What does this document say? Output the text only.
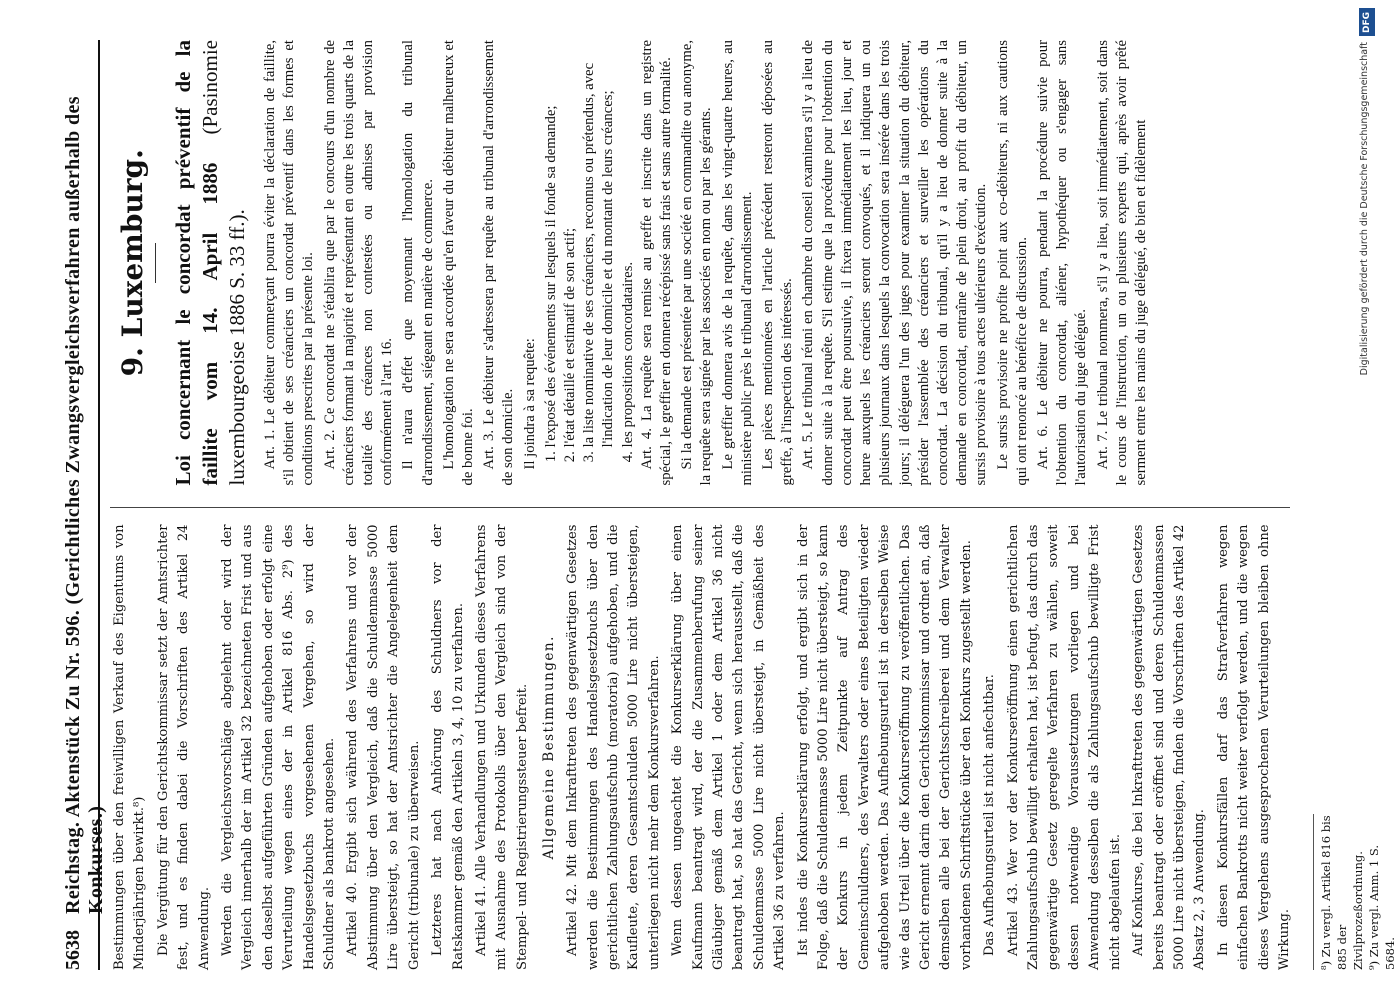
5638
Reichstag. Aktenstück Zu Nr. 596. (Gerichtliches Zwangsvergleichsverfahren außerhalb des Konkurses.) Bestimmungen über den freiwilligen Verkauf des Eigentums von Minderjährigen bewirkt.⁸) Die Vergütung für den Gerichtskommissar setzt der Amtsrichter fest, und es finden dabei die Vorschriften des Artikel 24 Anwendung. Werden die Vergleichsvorschläge abgelehnt oder wird der Vergleich innerhalb der im Artikel 32 bezeichneten Frist und aus den daselbst aufgeführten Gründen aufgehoben oder erfolgt eine Verurteilung wegen eines der in Artikel 816 Abs. 2⁹) des Handelsgesetzbuchs vorgesehenen Vergehen, so wird der Schuldner als bankrott angesehen. Artikel 40. Ergibt sich während des Verfahrens und vor der Abstimmung über den Vergleich, daß die Schuldenmasse 5000 Lire übersteigt, so hat der Amtsrichter die Angelegenheit dem Gericht (tribunale) zu überweisen. Letzteres hat nach Anhörung des Schuldners vor der Ratskammer gemäß den Artikeln 3, 4, 10 zu verfahren. Artikel 41. Alle Verhandlungen und Urkunden dieses Verfahrens mit Ausnahme des Protokolls über den Vergleich sind von der Stempel- und Registrierungssteuer befreit. Allgemeine Bestimmungen. Artikel 42. Mit dem Inkrafttreten des gegenwärtigen Gesetzes werden die Bestimmungen des Handelsgesetzbuchs über den gerichtlichen Zahlungsaufschub (moratoria) aufgehoben, und die Kaufleute, deren Gesamtschulden 5000 Lire nicht übersteigen, unterliegen nicht mehr dem Konkursverfahren. Wenn dessen ungeachtet die Konkurserklärung über einen Kaufmann beantragt wird, der die Zusammenberufung seiner Gläubiger gemäß dem Artikel 1 oder dem Artikel 36 nicht beantragt hat, so hat das Gericht, wenn sich herausstellt, daß die Schuldenmasse 5000 Lire nicht übersteigt, in Gemäßheit des Artikel 36 zu verfahren. Ist indes die Konkurserklärung erfolgt, und ergibt sich in der Folge, daß die Schuldenmasse 5000 Lire nicht übersteigt, so kann der Konkurs in jedem Zeitpunkte auf Antrag des Gemeinschuldners, des Verwalters oder eines Beteiligten wieder aufgehoben werden. Das Aufhebungsurteil ist in derselben Weise wie das Urteil über die Konkurseröffnung zu veröffentlichen. Das Gericht ernennt darin den Gerichtskommissar und ordnet an, daß demselben alle bei der Gerichtsschreiberei und dem Verwalter vorhandenen Schriftstücke über den Konkurs zugestellt werden. Das Aufhebungsurteil ist nicht anfechtbar. Artikel 43. Wer vor der Konkurseröffnung einen gerichtlichen Zahlungsaufschub bewilligt erhalten hat, ist befugt, das durch das gegenwärtige Gesetz geregelte Verfahren zu wählen, soweit dessen notwendige Voraussetzungen vorliegen und bei Anwendung desselben die als Zahlungsaufschub bewilligte Frist nicht abgelaufen ist. Auf Konkurse, die bei Inkrafttreten des gegenwärtigen Gesetzes bereits beantragt oder eröffnet sind und deren Schuldenmassen 5000 Lire nicht übersteigen, finden die Vorschriften des Artikel 42 Absatz 2, 3 Anwendung. In diesen Konkursfällen darf das Strafverfahren wegen einfachen Bankrotts nicht weiter verfolgt werden, und die wegen dieses Vergehens ausgesprochenen Verurteilungen bleiben ohne Wirkung. ⁸) Zu vergl. Artikel 816 bis 885 der Zivilprozeßordnung. ⁹) Zu vergl. Anm. 1 S. 5684.
9. Luxemburg. Loi concernant le concordat préventif de la faillite vom 14. April 1886 (Pasinomie luxembourgeoise 1886 S. 33 ff.). Art. 1. Le débiteur commerçant pourra éviter la déclaration de faillite, s'il obtient de ses créanciers un concordat préventif dans les formes et conditions prescrites par la présente loi. Art. 2. Ce concordat ne s'établira que par le concours d'un nombre de créanciers formant la majorité et représentant en outre les trois quarts de la totalité des créances non contestées ou admises par provision conformément à l'art. 16. Il n'aura d'effet que moyennant l'homologation du tribunal d'arrondissement, siégeant en matière de commerce. L'homologation ne sera accordée qu'en faveur du débiteur malheureux et de bonne foi. Art. 3. Le débiteur s'adressera par requête au tribunal d'arrondissement de son domicile. Il joindra à sa requête: 1. l'exposé des événements sur lesquels il fonde sa demande; 2. l'état détaillé et estimatif de son actif; 3. la liste nominative de ses créanciers, reconnus ou prétendus, avec l'indication de leur domicile et du montant de leurs créances; 4. les propositions concordataires. Art. 4. La requête sera remise au greffe et inscrite dans un registre spécial, le greffier en donnera récépissé sans frais et sans autre formalité. Si la demande est présentée par une société en commandite ou anonyme, la requête sera signée par les associés en nom ou par les gérants. Le greffier donnera avis de la requête, dans les vingt-quatre heures, au ministère public près le tribunal d'arrondissement. Les pièces mentionnées en l'article précédent resteront déposées au greffe, à l'inspection des intéressés. Art. 5. Le tribunal réuni en chambre du conseil examinera s'il y a lieu de donner suite à la requête. S'il estime que la procédure pour l'obtention du concordat peut être poursuivie, il fixera immédiatement les lieu, jour et heure auxquels les créanciers seront convoqués, et il indiquera un ou plusieurs journaux dans lesquels la convocation sera insérée dans les trois jours; il déléguera l'un des juges pour examiner la situation du débiteur, présider l'assemblée des créanciers et surveiller les opérations du concordat. La décision du tribunal, qu'il y a lieu de donner suite à la demande en concordat, entraîne de plein droit, au profit du débiteur, un sursis provisoire à tous actes ultérieurs d'exécution. Le sursis provisoire ne profite point aux co-débiteurs, ni aux cautions qui ont renoncé au bénéfice de discussion. Art. 6. Le débiteur ne pourra, pendant la procédure suivie pour l'obtention du concordat, aliéner, hypothéquer ou s'engager sans l'autorisation du juge délégué. Art. 7. Le tribunal nommera, s'il y a lieu, soit immédiatement, soit dans le cours de l'instruction, un ou plusieurs experts qui, après avoir prêté serment entre les mains du juge délégué, de bien et fidèlement

DFG
Digitalisierung gefördert durch die Deutsche Forschungsgemeinschaft
